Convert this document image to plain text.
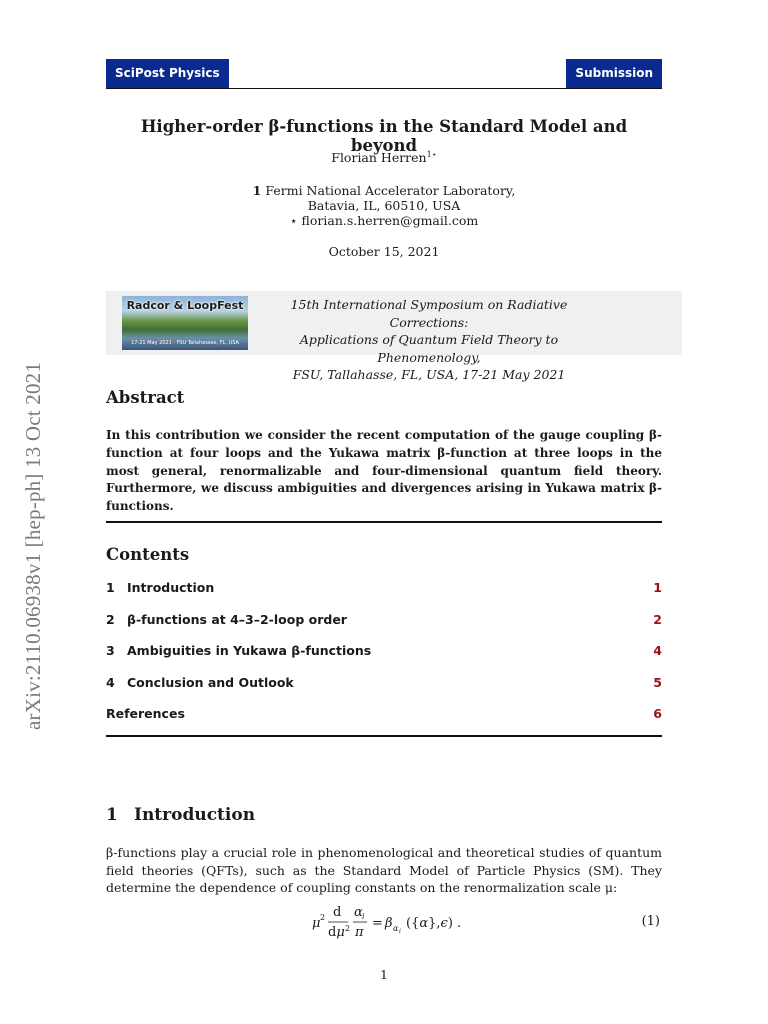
arXiv:2110.06938v1 [hep-ph] 13 Oct 2021
SciPost Physics	Submission
Higher-order β-functions in the Standard Model and beyond
Florian Herren$^{1⋆}$
1 Fermi National Accelerator Laboratory,
Batavia, IL, 60510, USA
⋆ florian.s.herren@gmail.com
October 15, 2021
Radcor & LoopFest
17-21 May 2021 · FSU Tallahassee, FL, USA
15th International Symposium on Radiative Corrections:
Applications of Quantum Field Theory to Phenomenology,
FSU, Tallahasse, FL, USA, 17-21 May 2021
Abstract
In this contribution we consider the recent computation of the gauge coupling β-function at four loops and the Yukawa matrix β-function at three loops in the most general, renormalizable and four-dimensional quantum field theory. Furthermore, we discuss ambiguities and divergences arising in Yukawa matrix β-functions.
Contents
1 Introduction	1
2 β-functions at 4–3–2-loop order	2
3 Ambiguities in Yukawa β-functions	4
4 Conclusion and Outlook	5
References	6
1 Introduction
β-functions play a crucial role in phenomenological and theoretical studies of quantum field theories (QFTs), such as the Standard Model of Particle Physics (SM). They determine the dependence of coupling constants on the renormalization scale μ:
μ 2 d
dμ 2
α i
π
= β α i
({α},ϵ) .	(1)
1
